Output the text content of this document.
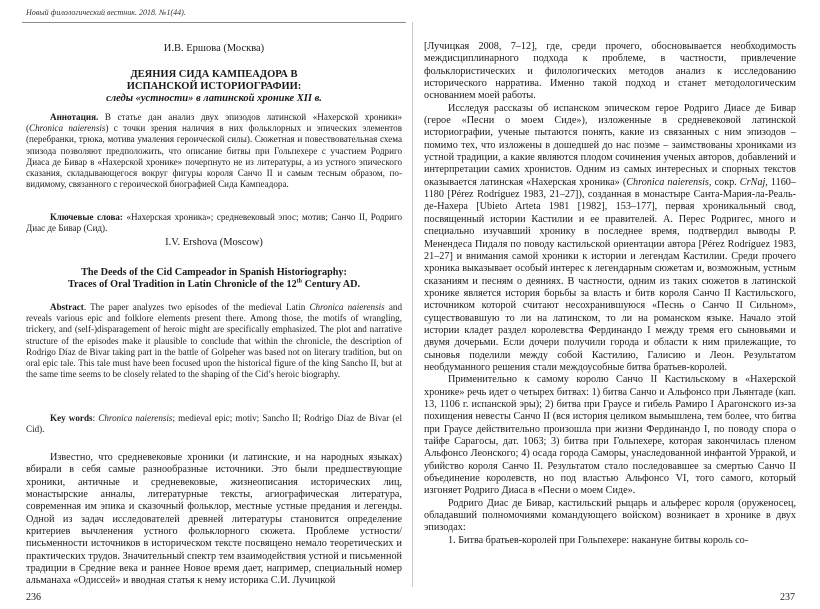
Новый филологический вестник. 2018. №1(44).
И.В. Ершова (Москва)
ДЕЯНИЯ СИДА КАМПЕАДОРА В
ИСПАНСКОЙ ИСТОРИОГРАФИИ:
следы «устности» в латинской хронике XII в.
Аннотация. В статье дан анализ двух эпизодов латинской «Нахерской хроники» (Chronica naierensis) с точки зрения наличия в них фольклорных и эпических элементов (перебранки, трюка, мотива умаления героической силы). Сюжетная и повествовательная схема эпизода позволяют предположить, что описание битвы при Гольпехере с участием Родриго Диаса де Бивар в «Нахерской хронике» почерпнуто не из литературы, а из устного эпического сказания, складывающегося вокруг фигуры короля Санчо II и самым тесным образом, по-видимому, связанного с героической биографией Сида Кампеадора.
Ключевые слова: «Нахерская хроника»; средневековый эпос; мотив; Санчо II, Родриго Диас де Бивар (Сид).
I.V. Ershova (Moscow)
The Deeds of the Cid Campeador in Spanish Historiography:
Traces of Oral Tradition in Latin Chronicle of the 12th Century AD.
Abstract. The paper analyzes two episodes of the medieval Latin Chronica naierensis and reveals various epic and folklore elements present there. Among those, the motifs of wrangling, trickery, and (self-)disparagement of heroic might are specifically emphasized. The plot and narrative structure of the episodes make it plausible to conclude that within the chronicle, the description of Rodrigo Díaz de Bivar taking part in the battle of Golpeher was based not on literary tradition, but on oral epic tale. This tale must have been focused upon the historical figure of the king Sancho II, but at the same time seems to be closely related to the shaping of the Cid’s heroic biography.
Key words: Chronica naierensis; medieval epic; motiv; Sancho II; Rodrigo Díaz de Bivar (el Cid).
Известно, что средневековые хроники (и латинские, и на народных языках) вбирали в себя самые разнообразные источники. Это были предшествующие хроники, античные и средневековые, жизнеописания исторических лиц, монастырские анналы, литературные тексты, агиографическая литература, современная им эпика и сказочный фольклор, местные устные предания и легенды. Одной из задач исследователей древней литературы становится определение критериев вычленения устного фольклорного сюжета. Проблеме устности/письменности источников в историческом тексте посвящено немало теоретических и практических трудов. Значительный спектр тем взаимодействия устной и письменной традиции в Средние века и раннее Новое время дает, например, специальный номер альманаха «Одиссей» и вводная статья к нему историка С.И. Лучицкой
236

[Лучицкая 2008, 7–12], где, среди прочего, обосновывается необходимость междисциплинарного подхода к проблеме, в частности, привлечение фольклористических и филологических методов анализ к исследованию исторического нарратива. Именно такой подход и станет методологическим основанием моей работы.

Исследуя рассказы об испанском эпическом герое Родриго Диасе де Бивар (герое «Песни о моем Сиде»), изложенные в средневековой латинской историографии, ученые пытаются понять, какие из связанных с ним эпизодов – помимо тех, что изложены в дошедшей до нас поэме – заимствованы хрониками из устной традиции, а какие являются плодом сочинения ученых авторов, добавлений и интерпретации самих хронистов. Одним из самых интересных и спорных текстов оказывается латинская «Нахерская хроника» (Chronica naierensis, сокр. CrNaj, 1160–1180 [Pérez Rodríguez 1983, 21–27]), созданная в монастыре Санта-Мария-ла-Реаль-де-Нахера [Ubieto Arteta 1981 [1982], 153–177], первая хроникальный свод, посвященный истории Кастилии и ее правителей. А. Перес Родригес, много и специально изучавший хронику в последнее время, подтвердил выводы Р. Менендеса Пидаля по поводу кастильской ориентации автора [Pérez Rodríguez 1983, 21–27] и внимания самой хроники к истории и легендам Кастилии. Среди прочего хроника выказывает особый интерес к легендарным сюжетам и, возможным, устным сказаниям и песням о деяниях. В частности, одним из таких сюжетов в латинской хронике является история борьбы за власть и битв короля Санчо II Кастильского, источником которой считают несохранившуюся «Песнь о Санчо II Сильном», существовавшую то ли на латинском, то ли на романском языке. Начало этой истории кладет раздел королевства Фердинандо I между тремя его сыновьями и двумя дочерьми. Если дочери получили города и области к ним прилежащие, то сыновья поделили между собой Кастилию, Галисию и Леон. Результатом необдуманного решения стали междоусобные битва братьев-королей.

Применительно к самому королю Санчо II Кастильскому в «Нахерской хронике» речь идет о четырех битвах: 1) битва Санчо и Альфонсо при Льянтаде (кап. 13, 1106 г. испанской эры); 2) битва при Граусе и гибель Рамиро I Арагонского из-за похищения невесты Санчо II (вся история целиком вымышлена, тем более, что битва при Граусе действительно произошла при жизни Фердинандо I, по поводу спора о тайфе Сарагосы, дат. 1063; 3) битва при Гольпехере, которая закончилась пленом Альфонсо Леонского; 4) осада города Саморы, унаследованной инфантой Урракой, и убийство короля Санчо II. Результатом стало последовавшее за смертью Санчо II объединение королевств, но под властью Альфонсо VI, того самого, который изгоняет Родриго Диаса в «Песни о моем Сиде».

Родриго Диас де Бивар, кастильский рыцарь и альферес короля (оруженосец, обладавший полномочиями командующего войском) возникает в хронике в двух эпизодах:

1. Битва братьев-королей при Гольпехере: накануне битвы король со-

237
